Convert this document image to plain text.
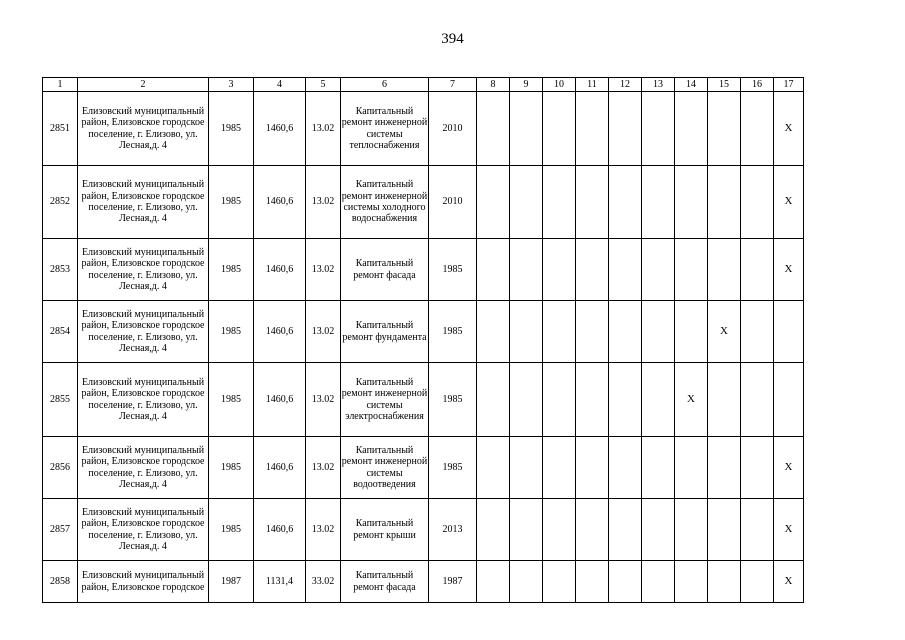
394
1	2	3	4	5	6	7	8	9	10	11	12	13	14	15	16	17
2851	Елизовский муниципальный район, Елизовское городское поселение, г. Елизово, ул. Лесная,д. 4	1985	1460,6	13.02	Капитальный ремонт инженерной системы теплоснабжения	2010										X
2852	Елизовский муниципальный район, Елизовское городское поселение, г. Елизово, ул. Лесная,д. 4	1985	1460,6	13.02	Капитальный ремонт инженерной системы холодного водоснабжения	2010										X
2853	Елизовский муниципальный район, Елизовское городское поселение, г. Елизово, ул. Лесная,д. 4	1985	1460,6	13.02	Капитальный ремонт фасада	1985										X
2854	Елизовский муниципальный район, Елизовское городское поселение, г. Елизово, ул. Лесная,д. 4	1985	1460,6	13.02	Капитальный ремонт фундамента	1985								X		
2855	Елизовский муниципальный район, Елизовское городское поселение, г. Елизово, ул. Лесная,д. 4	1985	1460,6	13.02	Капитальный ремонт инженерной системы электроснабжения	1985							X			
2856	Елизовский муниципальный район, Елизовское городское поселение, г. Елизово, ул. Лесная,д. 4	1985	1460,6	13.02	Капитальный ремонт инженерной системы водоотведения	1985										X
2857	Елизовский муниципальный район, Елизовское городское поселение, г. Елизово, ул. Лесная,д. 4	1985	1460,6	13.02	Капитальный ремонт крыши	2013										X
2858	Елизовский муниципальный район, Елизовское городское	1987	1131,4	33.02	Капитальный ремонт фасада	1987										X
